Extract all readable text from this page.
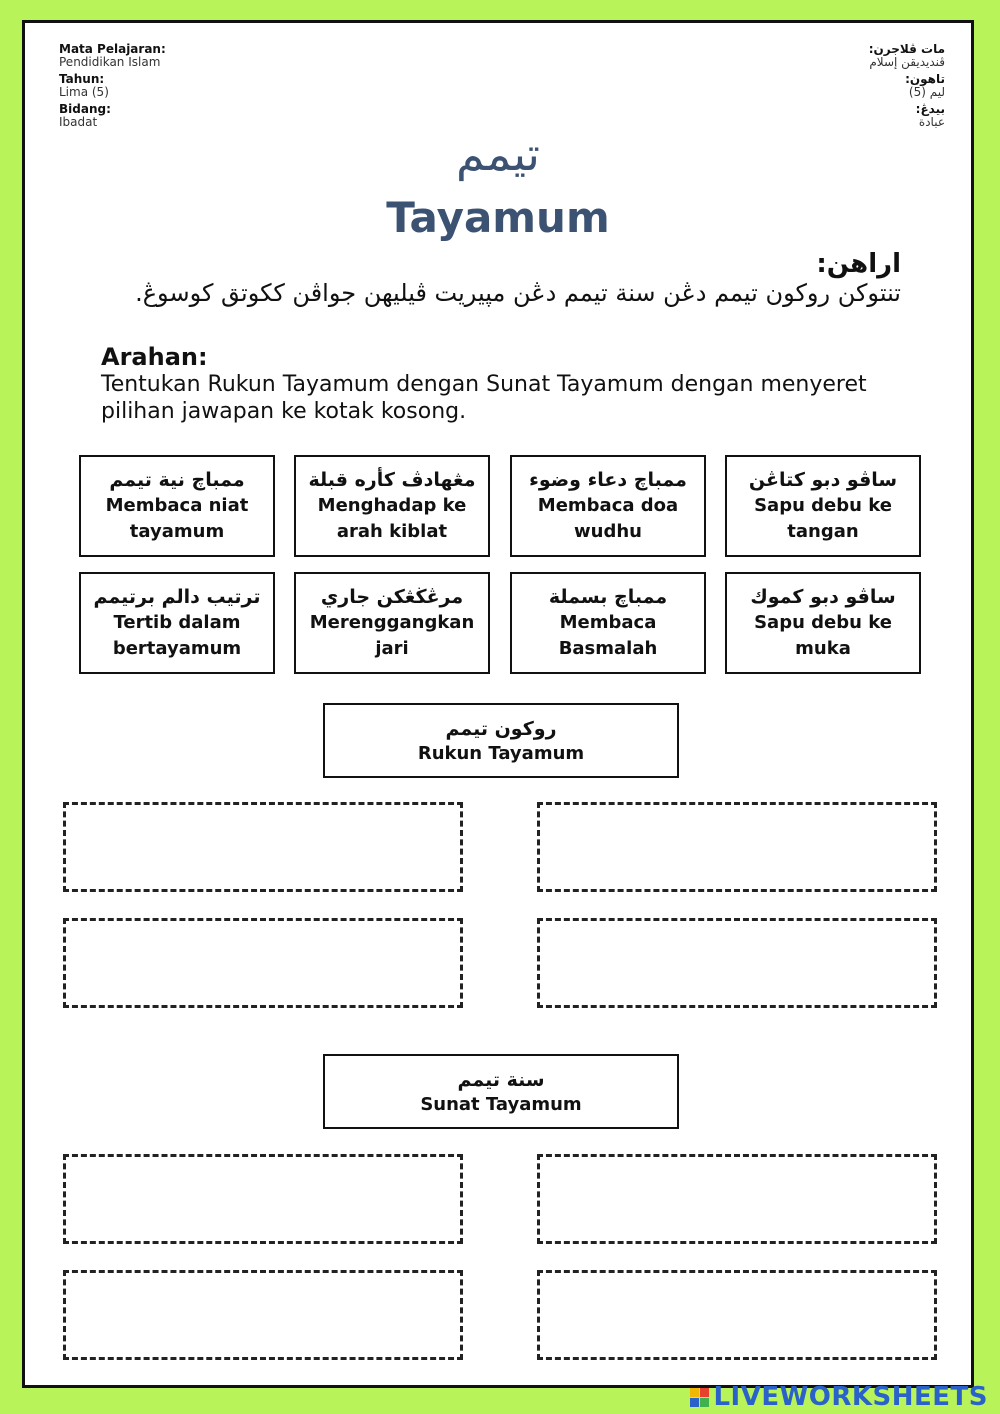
Mata Pelajaran:
Pendidikan Islam
Tahun:
Lima (5)
Bidang:
Ibadat
مات ڤلاجرن:
ڤنديديقن إسلام
تاهون:
ليم (5)
بيدڠ:
عبادة
تيمم
Tayamum
اراهن:
تنتوکن روکون تيمم دڠن سنة تيمم دڠن مڽيريت ڤيليهن جواڤن ککوتق کوسوڠ.
Arahan:
Tentukan Rukun Tayamum dengan Sunat Tayamum dengan menyeret pilihan jawapan ke kotak kosong.
ممباچ نية تيمم
Membaca niat tayamum
مڠهادڤ كأره قبلة
Menghadap ke arah kiblat
ممباچ دعاء وضوء
Membaca doa wudhu
ساڤو دبو كتاڠن
Sapu debu ke tangan
ترتيب دالم برتيمم
Tertib dalam bertayamum
مرڠڬڠكن جاري
Merenggangkan jari
ممباچ بسملة
Membaca Basmalah
ساڤو دبو كموك
Sapu debu ke muka
روكون تيمم
Rukun Tayamum
سنة تيمم
Sunat Tayamum
LIVEWORKSHEETS
